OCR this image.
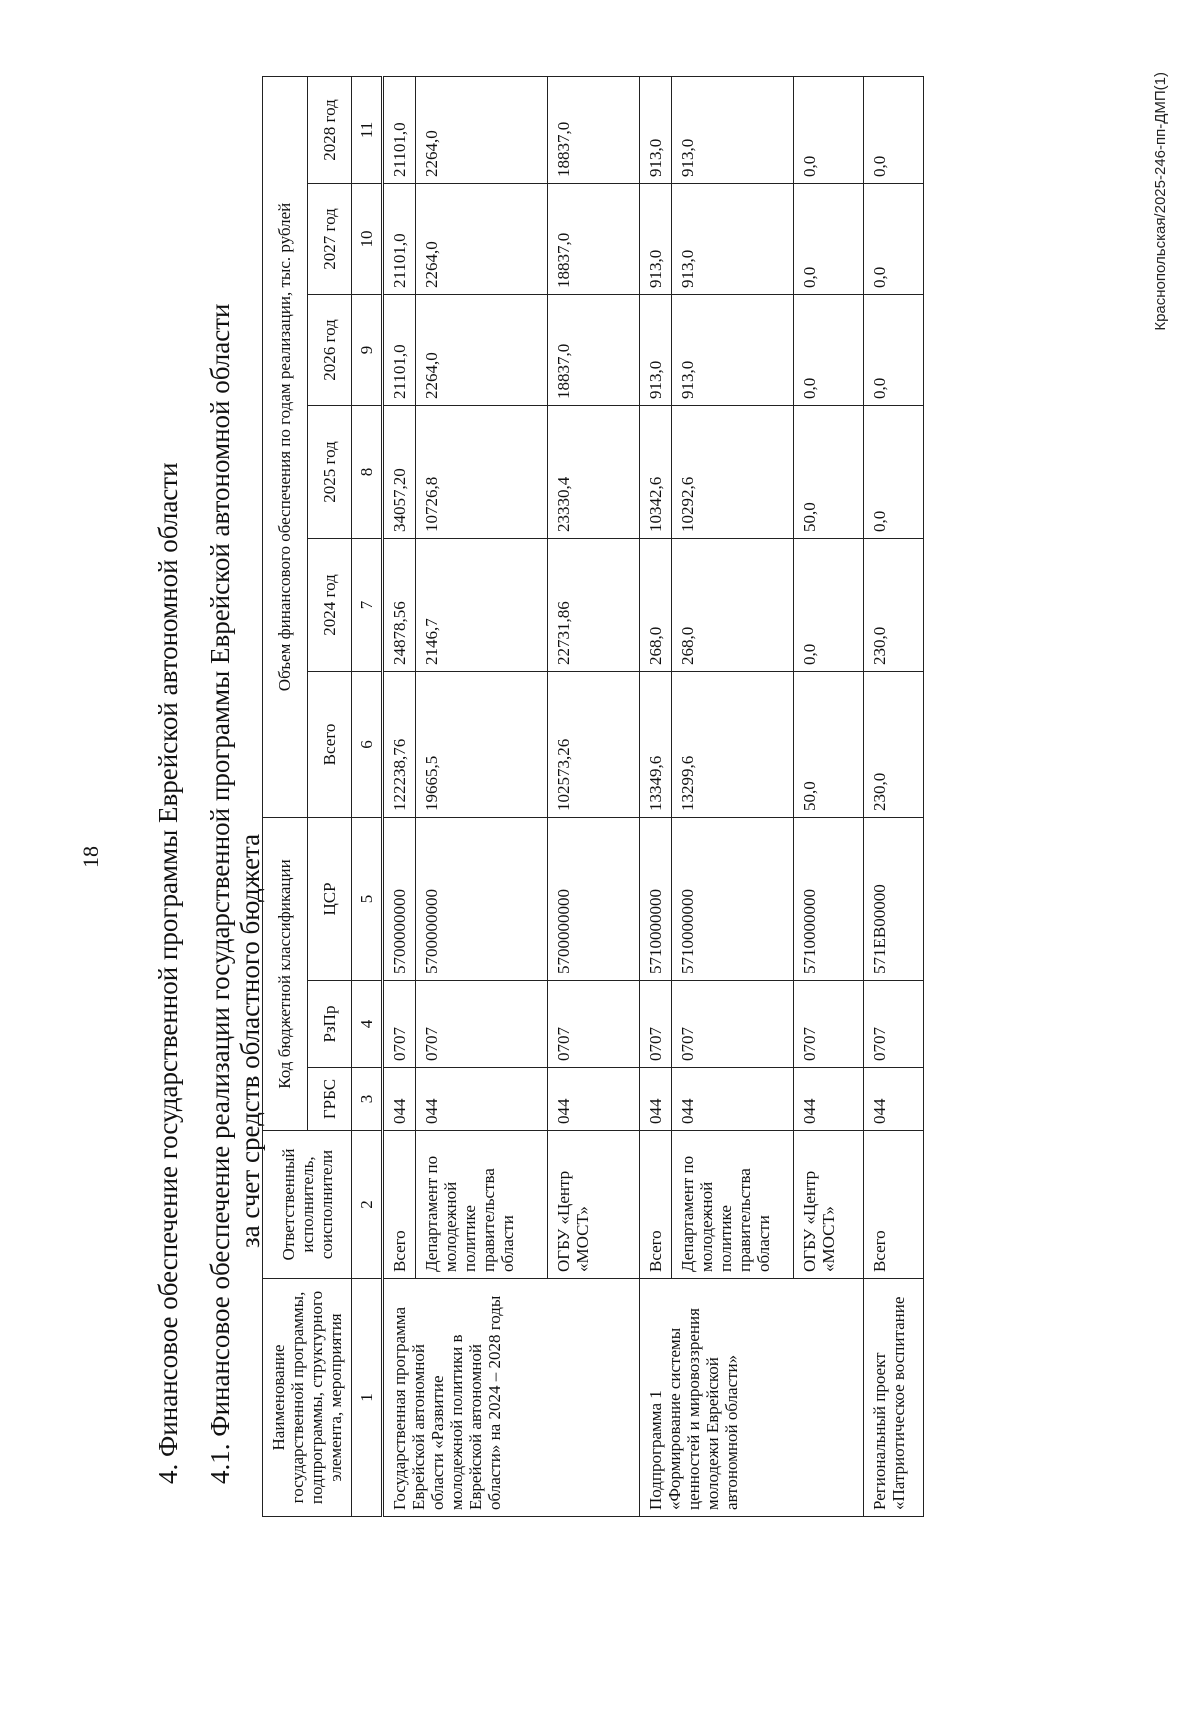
18 4. Финансовое обеспечение государственной программы Еврейской автономной области 4.1. Финансовое обеспечение реализации государственной программы Еврейской автономной области за счет средств областного бюджета
Наименование государственной программы, подпрограммы, структурного элемента, мероприятия	Ответственный исполнитель, соисполнители	Код бюджетной классификации			Объем финансового обеспечения по годам реализации, тыс. рублей					
		ГРБС	РзПр	ЦСР	Всего	2024 год	2025 год	2026 год	2027 год	2028 год
1	2	3	4	5	6	7	8	9	10	11
Государственная программа Еврейской автономной области «Развитие молодежной политики в Еврейской автономной области» на 2024 – 2028 годы	Всего	044	0707	5700000000	122238,76	24878,56	34057,20	21101,0	21101,0	21101,0
	Департамент по молодежной политике правительства области	044	0707	5700000000	19665,5	2146,7	10726,8	2264,0	2264,0	2264,0
	ОГБУ «Центр «МОСТ»	044	0707	5700000000	102573,26	22731,86	23330,4	18837,0	18837,0	18837,0
Подпрограмма 1 «Формирование системы ценностей и мировоззрения молодежи Еврейской автономной области»	Всего	044	0707	5710000000	13349,6	268,0	10342,6	913,0	913,0	913,0
	Департамент по молодежной политике правительства области	044	0707	5710000000	13299,6	268,0	10292,6	913,0	913,0	913,0
	ОГБУ «Центр «МОСТ»	044	0707	5710000000	50,0	0,0	50,0	0,0	0,0	0,0
Региональный проект «Патриотическое воспитание	Всего	044	0707	571EB00000	230,0	230,0	0,0	0,0	0,0	0,0	Краснопольская/2025-246-пп-ДМП(1)
